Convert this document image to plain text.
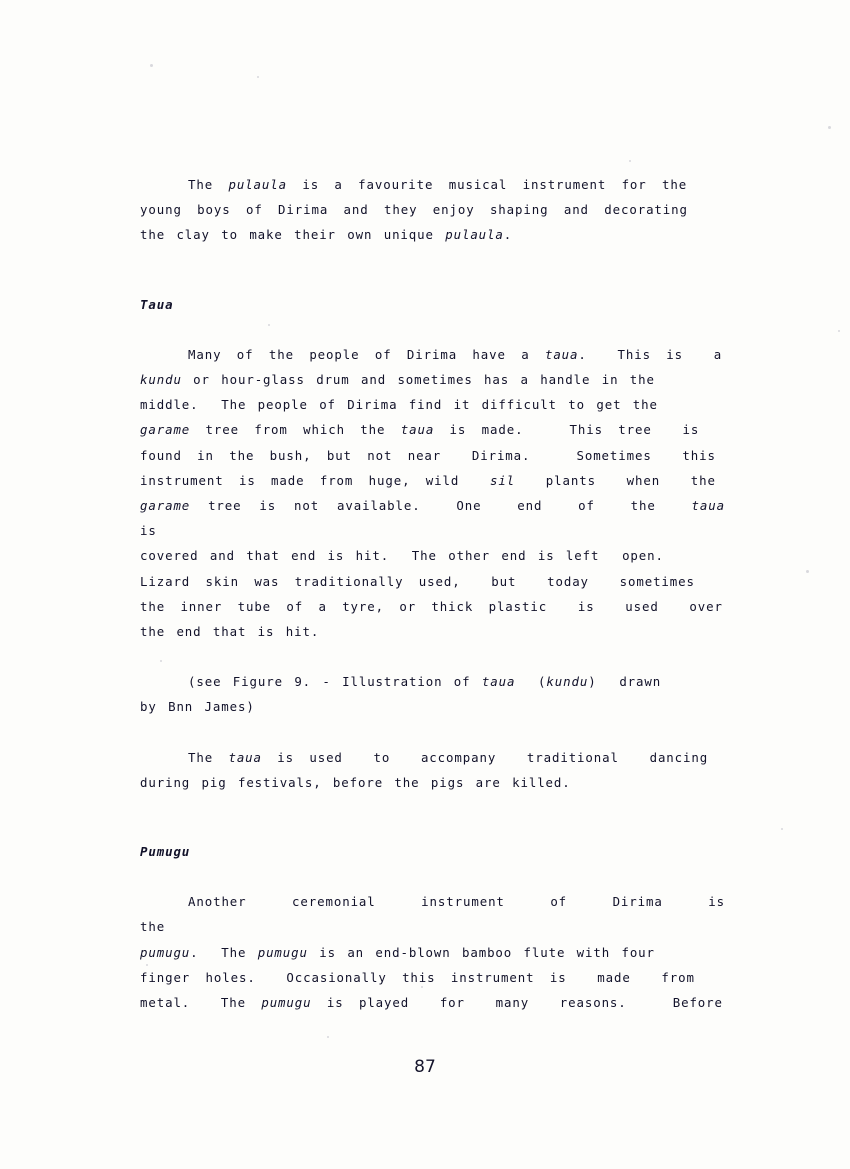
The pulaula is a favourite musical instrument for the
young boys of Dirima and they enjoy shaping and decorating
the clay to make their own unique pulaula.
Taua
Many of the people of Dirima have a taua.  This is  a
kundu or hour-glass drum and sometimes has a handle in the
middle.  The people of Dirima find it difficult to get the
garame tree from which the taua is made.   This tree  is
found in the bush, but not near  Dirima.   Sometimes  this
instrument is made from huge, wild  sil  plants  when  the
garame tree is not available.  One  end  of  the  taua  is
covered and that end is hit.  The other end is left  open.
Lizard skin was traditionally used,  but  today  sometimes
the inner tube of a tyre, or thick plastic  is  used  over
the end that is hit.
(see Figure 9. - Illustration of taua  (kundu)  drawn
by Bnn James)
The taua is used  to  accompany  traditional  dancing
during pig festivals, before the pigs are killed.
Pumugu
Another  ceremonial  instrument  of  Dirima  is   the
pumugu.  The pumugu is an end-blown bamboo flute with four
finger holes.  Occasionally this instrument is  made  from
metal.  The pumugu is played  for  many  reasons.   Before
87
